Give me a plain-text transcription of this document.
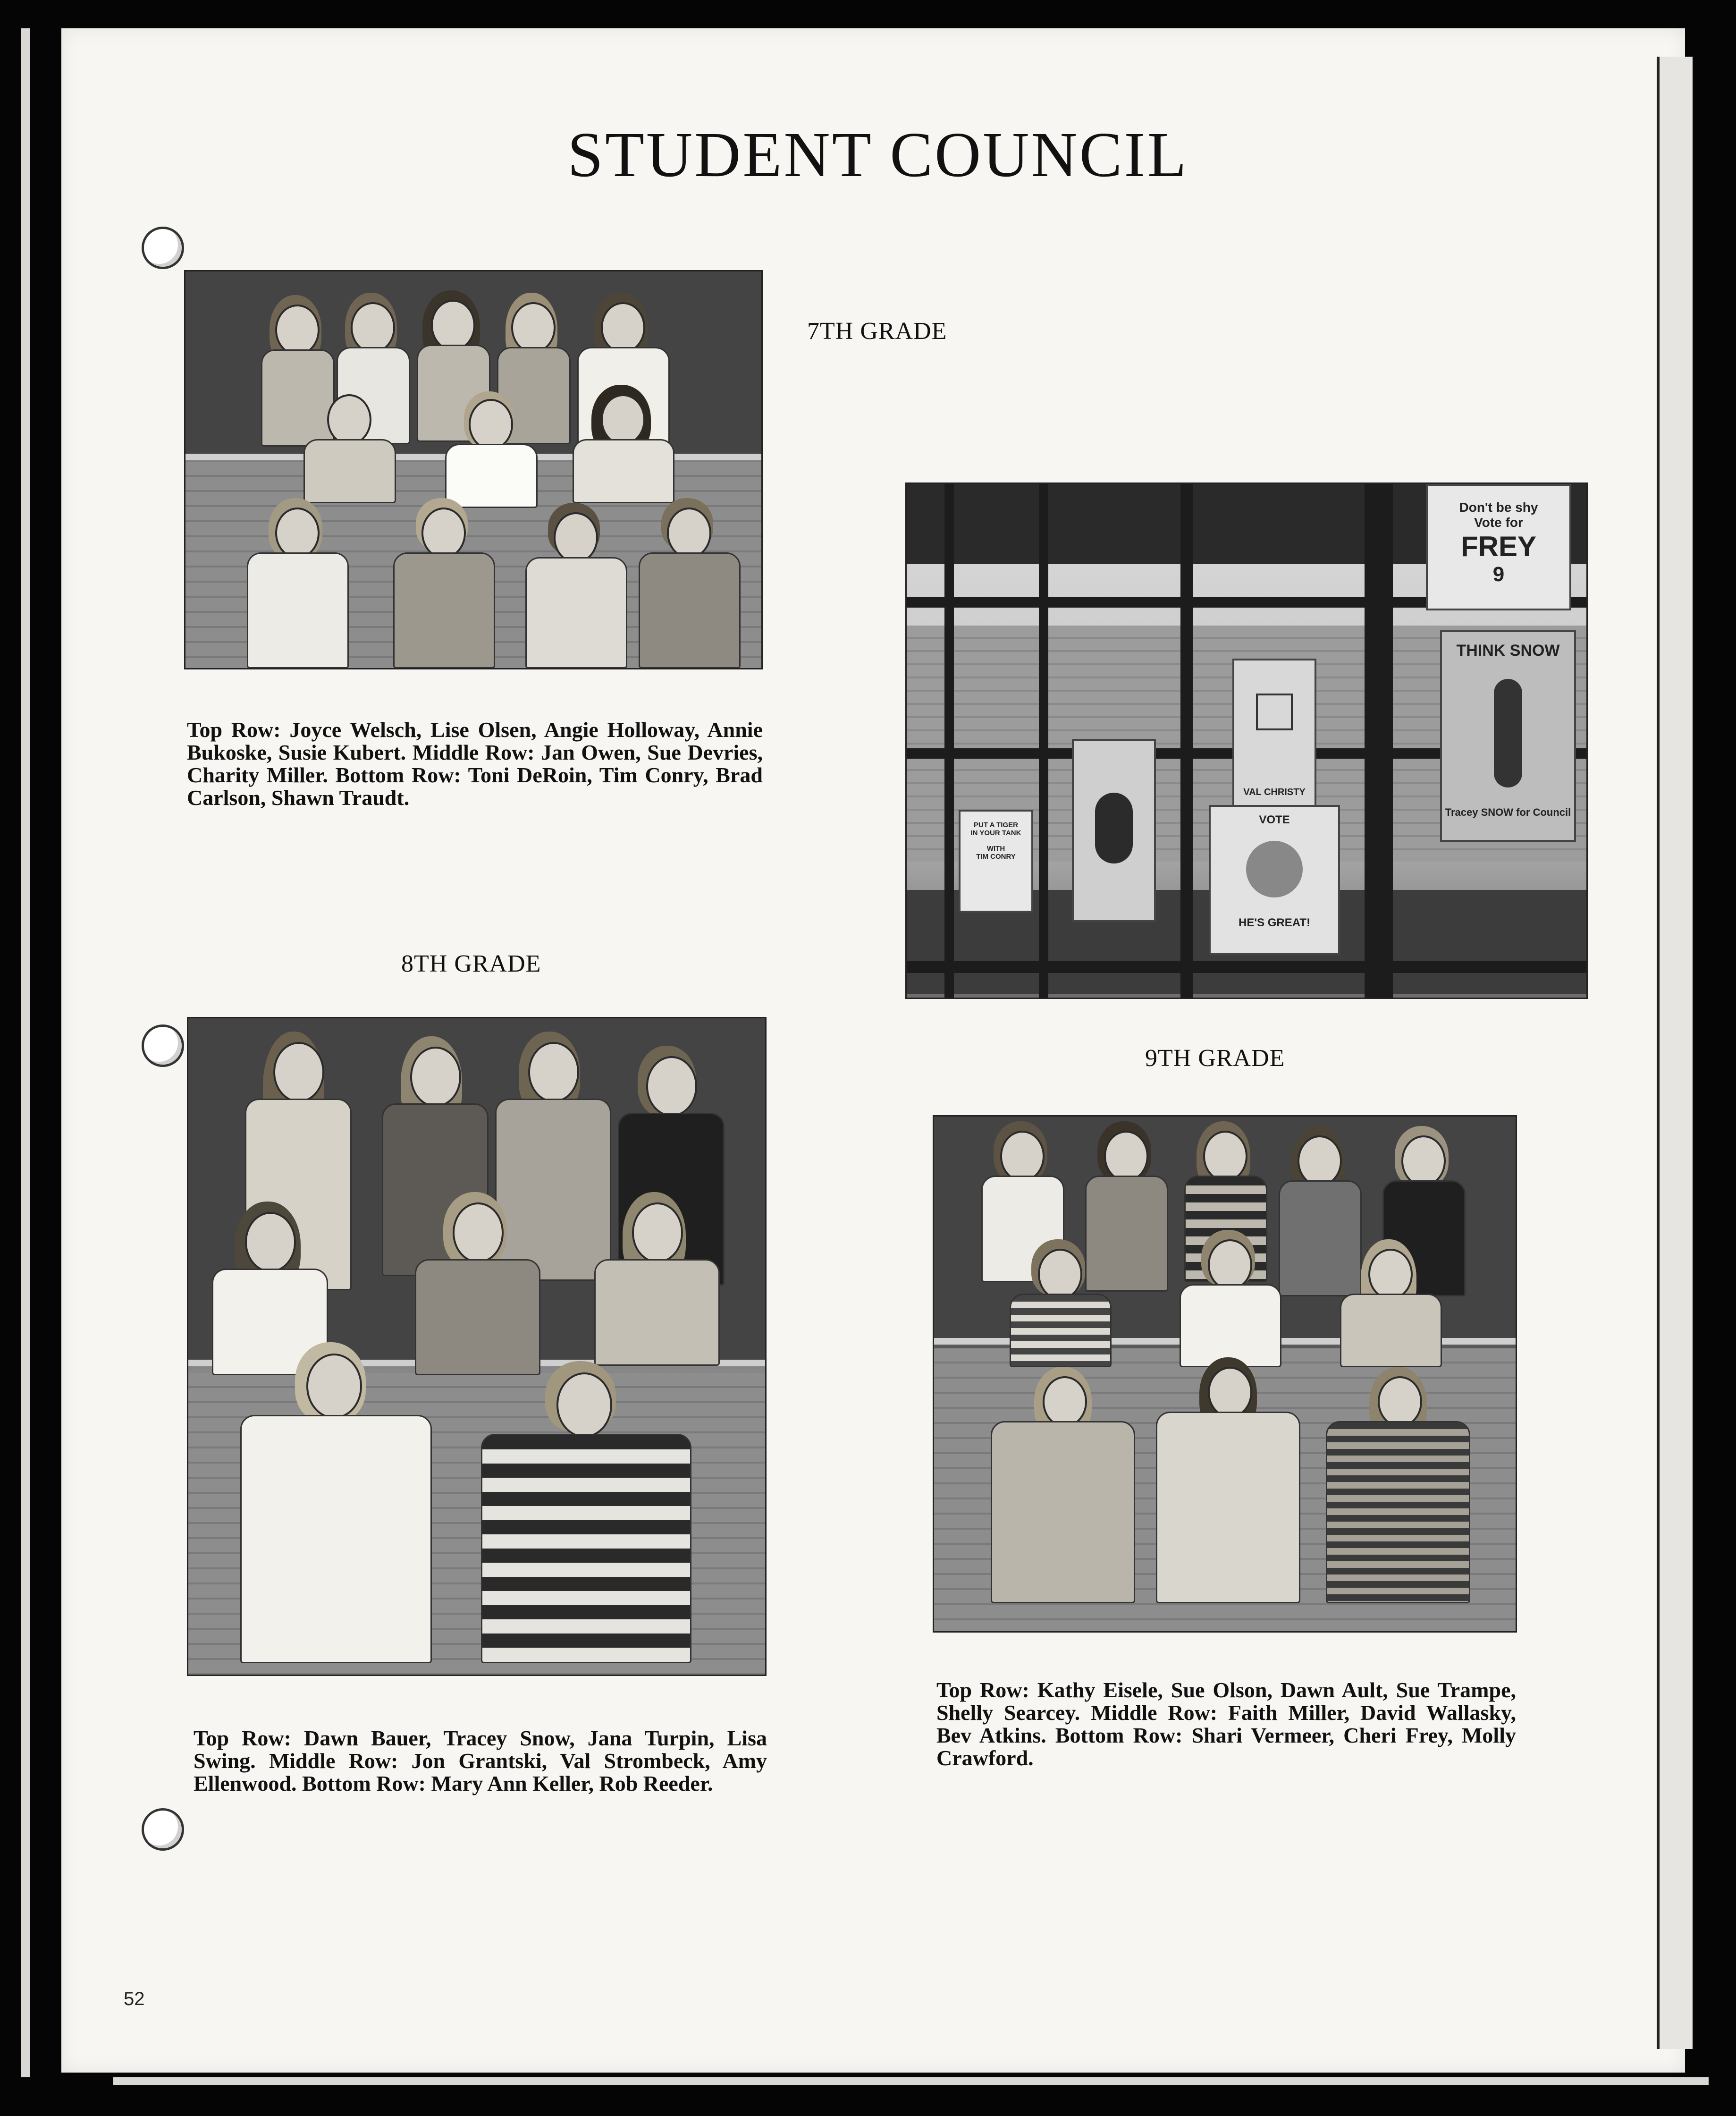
STUDENT COUNCIL
7TH GRADE
Top Row: Joyce Welsch, Lise Olsen, Angie Holloway, Annie Bukoske, Susie Kubert. Middle Row: Jan Owen, Sue Devries, Charity Miller. Bottom Row: Toni DeRoin, Tim Conry, Brad Carlson, Shawn Traudt.
Don't be shy
Vote for
FREY
9
THINK SNOW
Tracey SNOW for Council
VAL CHRISTY
VOTE
HE'S GREAT!
PUT A TIGER
IN YOUR TANK
WITH
TIM CONRY
8TH GRADE
Top Row: Dawn Bauer, Tracey Snow, Jana Turpin, Lisa Swing. Middle Row: Jon Grantski, Val Strombeck, Amy Ellenwood. Bottom Row: Mary Ann Keller, Rob Reeder.
9TH GRADE
Top Row: Kathy Eisele, Sue Olson, Dawn Ault, Sue Trampe, Shelly Searcey. Middle Row: Faith Miller, David Wallasky, Bev Atkins. Bottom Row: Shari Vermeer, Cheri Frey, Molly Crawford.
52
